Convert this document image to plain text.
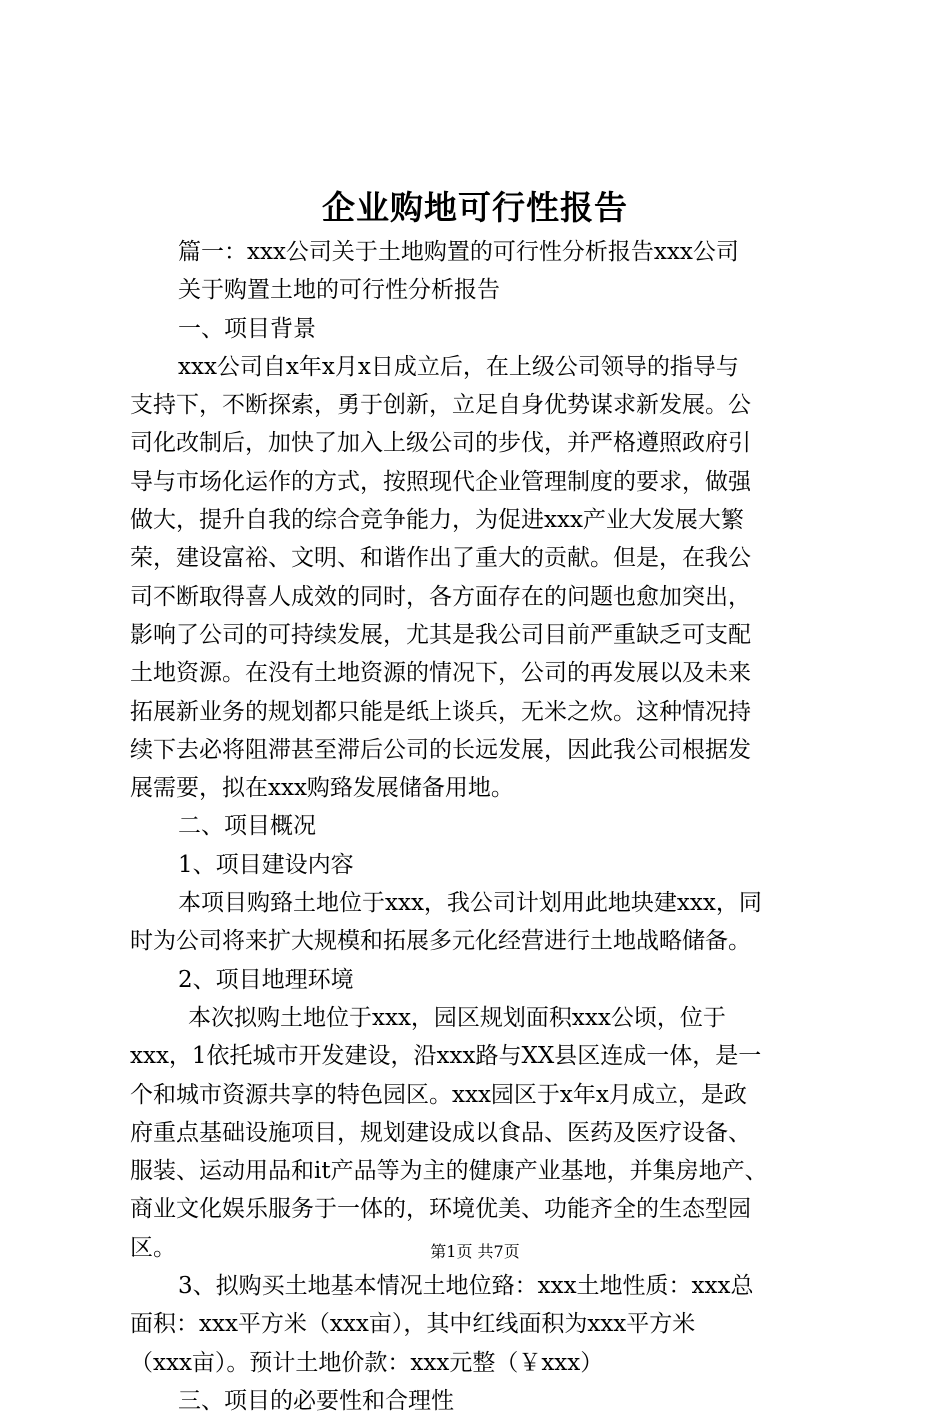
企业购地可行性报告
篇一：xxx公司关于土地购置的可行性分析报告xxx公司
关于购置土地的可行性分析报告
一、项目背景
xxx公司自x年x月x日成立后，在上级公司领导的指导与
支持下，不断探索，勇于创新，立足自身优势谋求新发展。公
司化改制后，加快了加入上级公司的步伐，并严格遵照政府引
导与市场化运作的方式，按照现代企业管理制度的要求，做强
做大，提升自我的综合竞争能力，为促进xxx产业大发展大繁
荣，建设富裕、文明、和谐作出了重大的贡献。但是，在我公
司不断取得喜人成效的同时，各方面存在的问题也愈加突出，
影响了公司的可持续发展，尤其是我公司目前严重缺乏可支配
土地资源。在没有土地资源的情况下，公司的再发展以及未来
拓展新业务的规划都只能是纸上谈兵，无米之炊。这种情况持
续下去必将阻滞甚至滞后公司的长远发展，因此我公司根据发
展需要，拟在xxx购臵发展储备用地。
二、项目概况
1、项目建设内容
本项目购臵土地位于xxx，我公司计划用此地块建xxx，同
时为公司将来扩大规模和拓展多元化经营进行土地战略储备。
2、项目地理环境
本次拟购土地位于xxx，园区规划面积xxx公顷，位于
xxx，1依托城市开发建设，沿xxx路与XX县区连成一体，是一
个和城市资源共享的特色园区。xxx园区于x年x月成立，是政
府重点基础设施项目，规划建设成以食品、医药及医疗设备、
服装、运动用品和it产品等为主的健康产业基地，并集房地产、
商业文化娱乐服务于一体的，环境优美、功能齐全的生态型园
区。
3、拟购买土地基本情况土地位臵：xxx土地性质：xxx总
面积：xxx平方米（xxx亩），其中红线面积为xxx平方米
（xxx亩）。预计土地价款：xxx元整（￥xxx）
三、项目的必要性和合理性
第1页 共7页
